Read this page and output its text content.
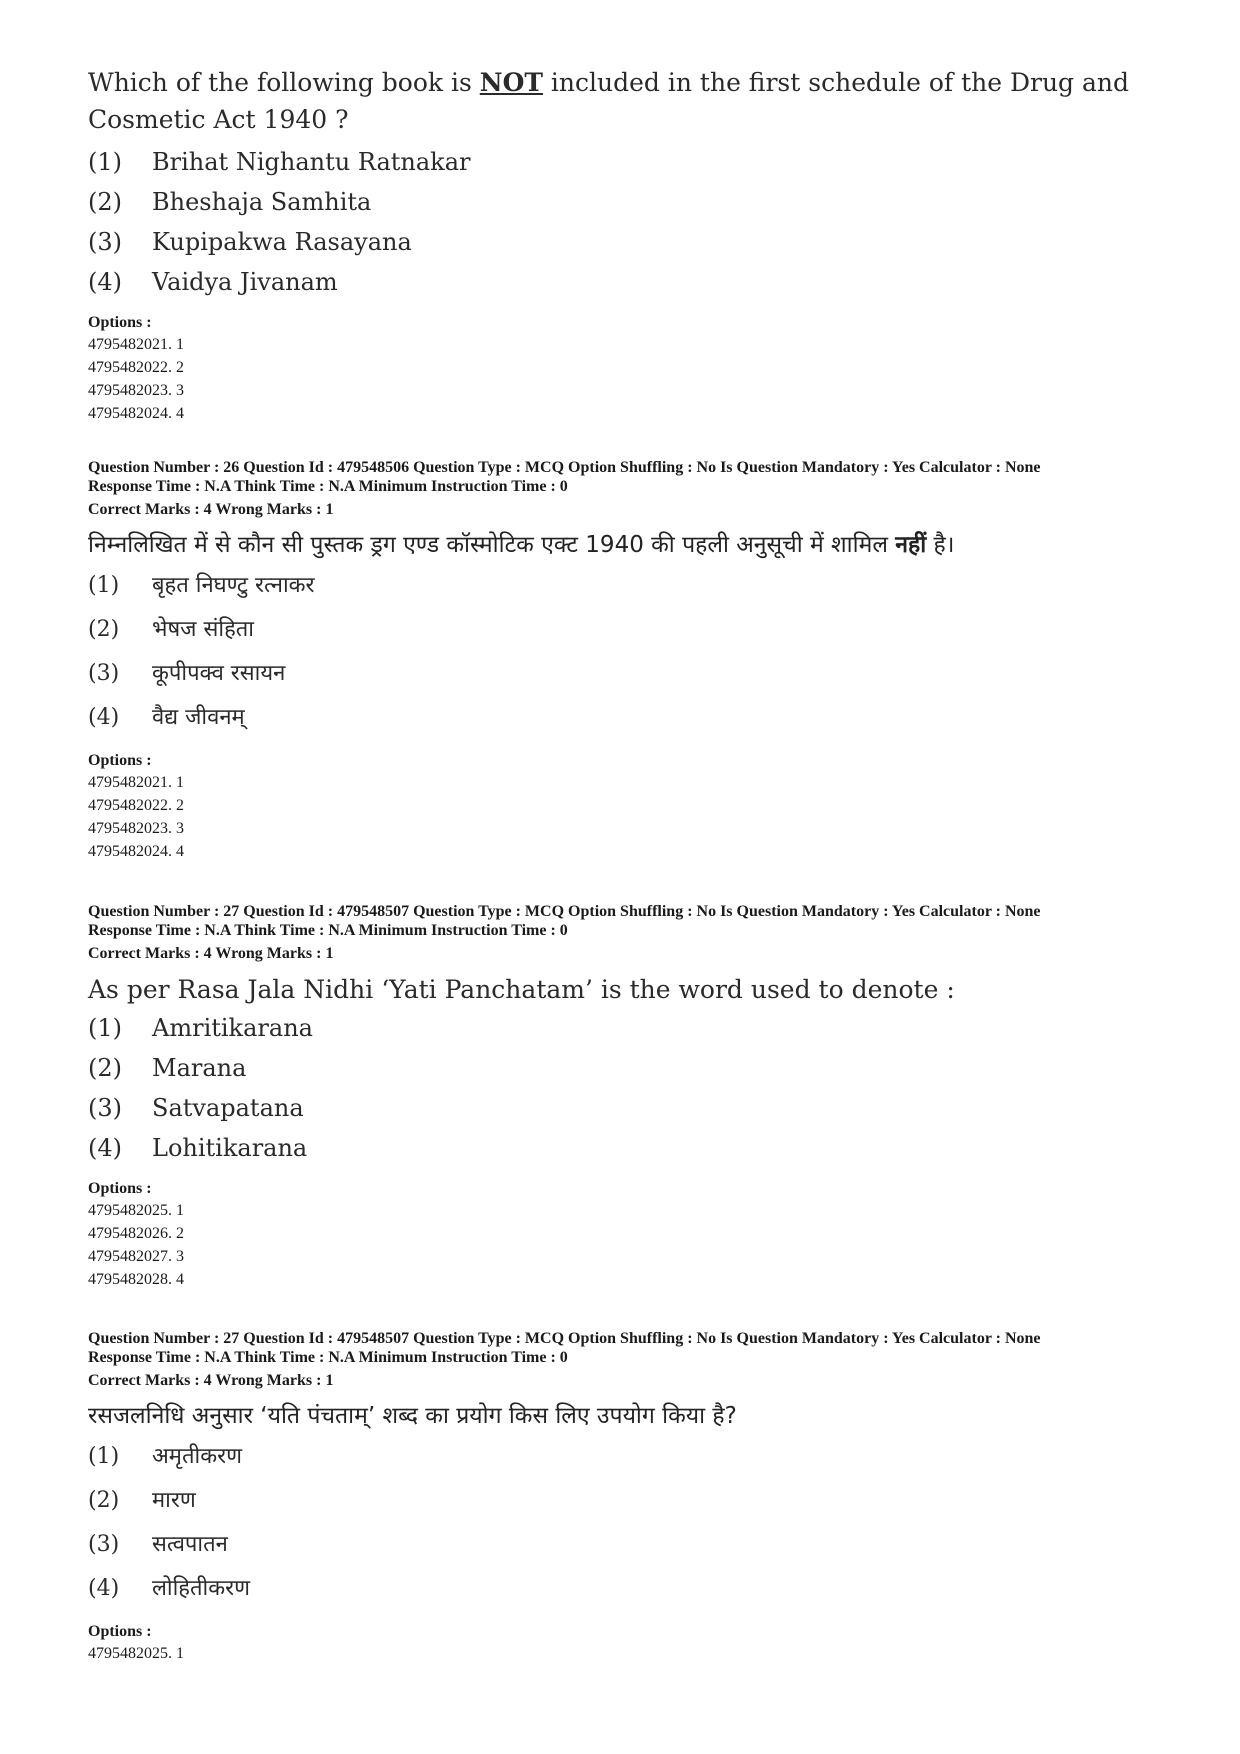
Which of the following book is NOT included in the first schedule of the Drug and Cosmetic Act 1940 ?

(1)	Brihat Nighantu Ratnakar
(2)	Bheshaja Samhita
(3)	Kupipakwa Rasayana
(4)	Vaidya Jivanam
Options :
4795482021. 1
4795482022. 2
4795482023. 3
4795482024. 4
Question Number : 26 Question Id : 479548506 Question Type : MCQ Option Shuffling : No Is Question Mandatory : Yes Calculator : None
Response Time : N.A Think Time : N.A Minimum Instruction Time : 0
Correct Marks : 4 Wrong Marks : 1

निम्नलिखित में से कौन सी पुस्तक ड्रग एण्ड कॉस्मोटिक एक्ट 1940 की पहली अनुसूची में शामिल नहीं है।

(1)	बृहत निघण्टु रत्नाकर
(2)	भेषज संहिता
(3)	कूपीपक्व रसायन
(4)	वैद्य जीवनम्
Options :
4795482021. 1
4795482022. 2
4795482023. 3
4795482024. 4
Question Number : 27 Question Id : 479548507 Question Type : MCQ Option Shuffling : No Is Question Mandatory : Yes Calculator : None
Response Time : N.A Think Time : N.A Minimum Instruction Time : 0
Correct Marks : 4 Wrong Marks : 1

As per Rasa Jala Nidhi ‘Yati Panchatam’ is the word used to denote :

(1)	Amritikarana
(2)	Marana
(3)	Satvapatana
(4)	Lohitikarana
Options :
4795482025. 1
4795482026. 2
4795482027. 3
4795482028. 4
Question Number : 27 Question Id : 479548507 Question Type : MCQ Option Shuffling : No Is Question Mandatory : Yes Calculator : None
Response Time : N.A Think Time : N.A Minimum Instruction Time : 0
Correct Marks : 4 Wrong Marks : 1

रसजलनिधि अनुसार ‘यति पंचताम्’ शब्द का प्रयोग किस लिए उपयोग किया है?

(1)	अमृतीकरण
(2)	मारण
(3)	सत्वपातन
(4)	लोहितीकरण
Options :
4795482025. 1
